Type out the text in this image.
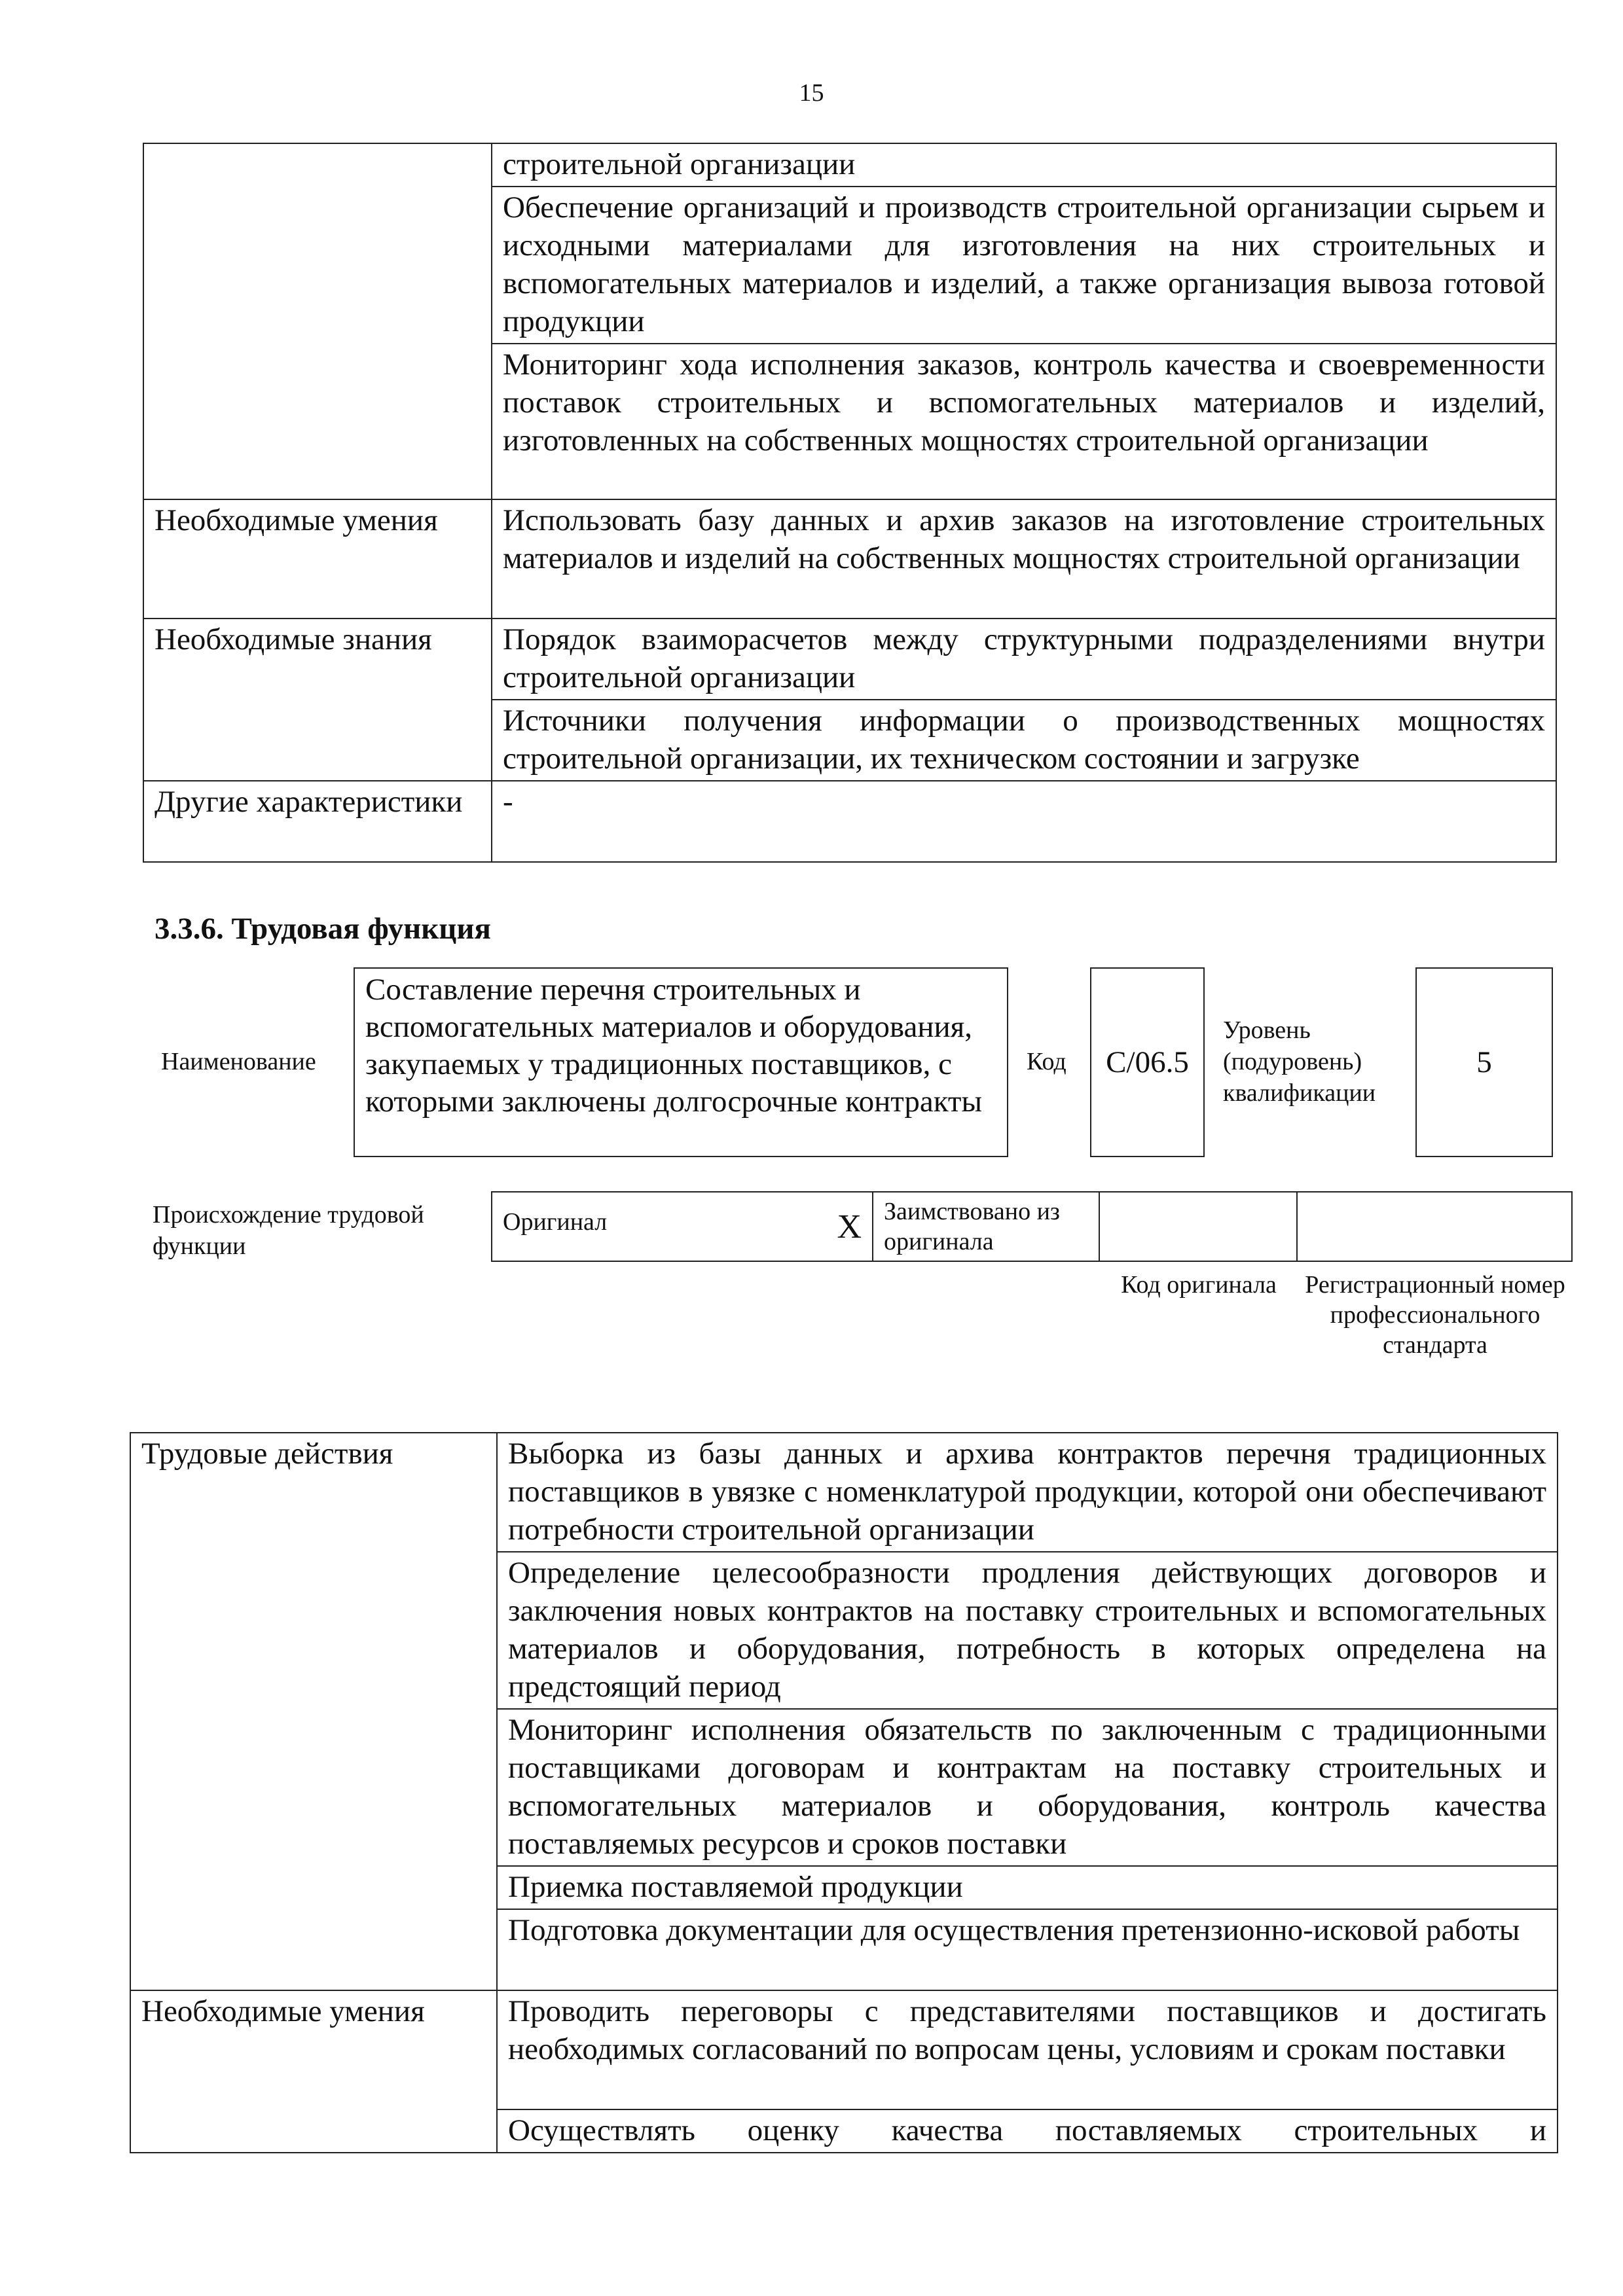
15
	строительной организации
	Обеспечение организаций и производств строительной организации сырьем и исходными материалами для изготовления на них строительных и вспомогательных материалов и изделий, а также организация вывоза готовой продукции
	Мониторинг хода исполнения заказов, контроль качества и своевременности поставок строительных и вспомогательных материалов и изделий, изготовленных на собственных мощностях строительной организации
Необходимые умения	Использовать базу данных и архив заказов на изготовление строительных материалов и изделий на собственных мощностях строительной организации
Необходимые знания	Порядок взаиморасчетов между структурными подразделениями внутри строительной организации
	Источники получения информации о производственных мощностях строительной организации, их техническом состоянии и загрузке
Другие характеристики	-
3.3.6. Трудовая функция
Наименование
Составление перечня строительных и вспомогательных материалов и оборудования, закупаемых у традиционных поставщиков, с которыми заключены долгосрочные контракты
Код C/06.5
Уровень (подуровень) квалификации
5
Происхождение трудовой функции
Оригинал	X	Заимствовано из оригинала		
Код оригинала	Регистрационный номер профессионального стандарта
Трудовые действия	Выборка из базы данных и архива контрактов перечня традиционных поставщиков в увязке с номенклатурой продукции, которой они обеспечивают потребности строительной организации
	Определение целесообразности продления действующих договоров и заключения новых контрактов на поставку строительных и вспомогательных материалов и оборудования, потребность в которых определена на предстоящий период
	Мониторинг исполнения обязательств по заключенным с традиционными поставщиками договорам и контрактам на поставку строительных и вспомогательных материалов и оборудования, контроль качества поставляемых ресурсов и сроков поставки
	Приемка поставляемой продукции
	Подготовка документации для осуществления претензионно-исковой работы
Необходимые умения	Проводить переговоры с представителями поставщиков и достигать необходимых согласований по вопросам цены, условиям и срокам поставки
	Осуществлять оценку качества поставляемых строительных и
